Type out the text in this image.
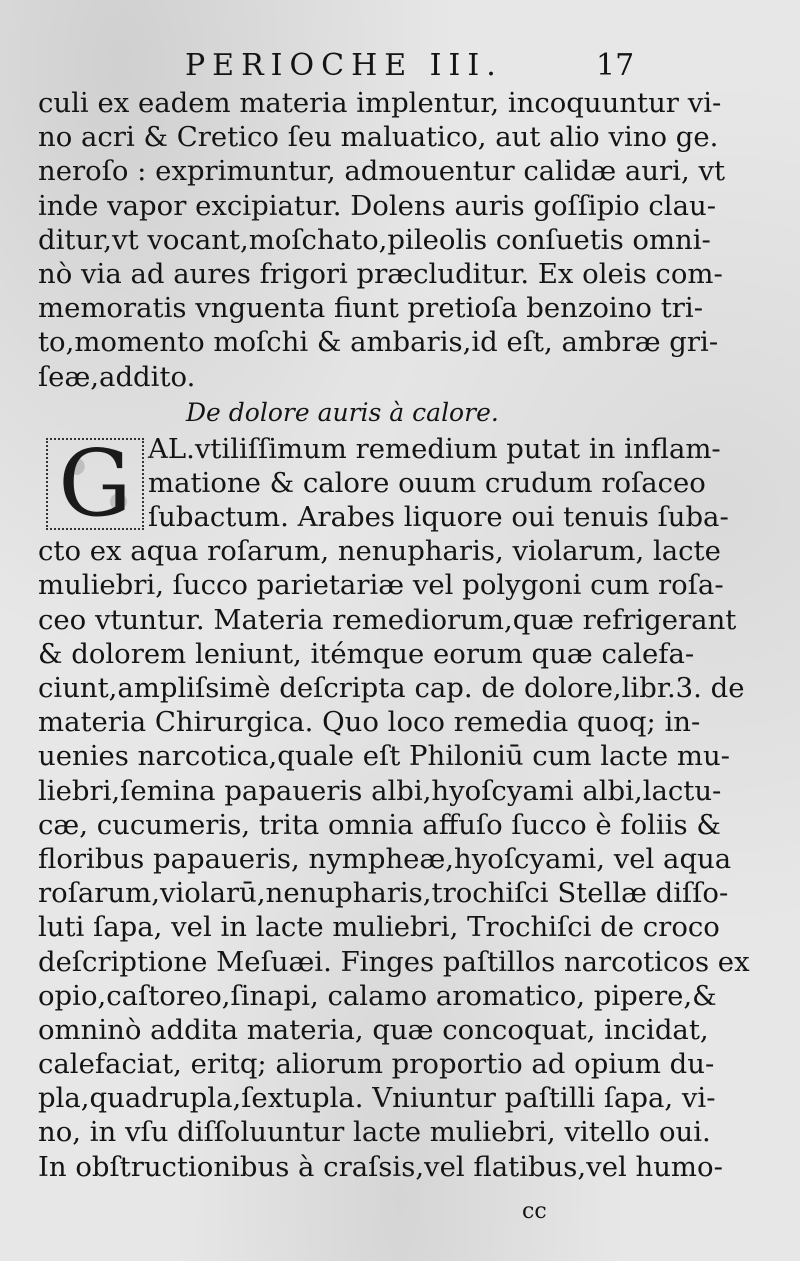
PERIOCHE III.	17
culi ex eadem materia implentur, incoquuntur vi-
no acri & Cretico ſeu maluatico, aut alio vino ge.
neroſo : exprimuntur, admouentur calidæ auri, vt
inde vapor excipiatur. Dolens auris goſſipio clau-
ditur,vt vocant,moſchato,pileolis conſuetis omni-
nò via ad aures frigori præcluditur. Ex oleis com-
memoratis vnguenta fiunt pretioſa benzoino tri-
to,momento moſchi & ambaris,id eſt, ambræ gri-
ſeæ,addito.
De dolore auris à calore.
G AL.vtiliſſimum remedium putat in inflam-
matione & calore ouum crudum roſaceo
ſubactum. Arabes liquore oui tenuis ſuba-
cto ex aqua roſarum, nenupharis, violarum, lacte
muliebri, ſucco parietariæ vel polygoni cum roſa-
ceo vtuntur. Materia remediorum,quæ refrigerant
& dolorem leniunt, itémque eorum quæ calefa-
ciunt,ampliſsimè deſcripta cap. de dolore,libr.3. de
materia Chirurgica. Quo loco remedia quoq; in-
uenies narcotica,quale eſt Philoniū cum lacte mu-
liebri,ſemina papaueris albi,hyoſcyami albi,lactu-
cæ, cucumeris, trita omnia affuſo ſucco è foliis &
floribus papaueris, nympheæ,hyoſcyami, vel aqua
roſarum,violarū,nenupharis,trochiſci Stellæ diſſo-
luti ſapa, vel in lacte muliebri, Trochiſci de croco
deſcriptione Meſuæi. Finges paſtillos narcoticos ex
opio,caſtoreo,ſinapi, calamo aromatico, pipere,&
omninò addita materia, quæ concoquat, incidat,
calefaciat, eritq; aliorum proportio ad opium du-
pla,quadrupla,ſextupla. Vniuntur paſtilli ſapa, vi-
no, in vſu diſſoluuntur lacte muliebri, vitello oui.
In obſtructionibus à craſsis,vel flatibus,vel humo-
cc
